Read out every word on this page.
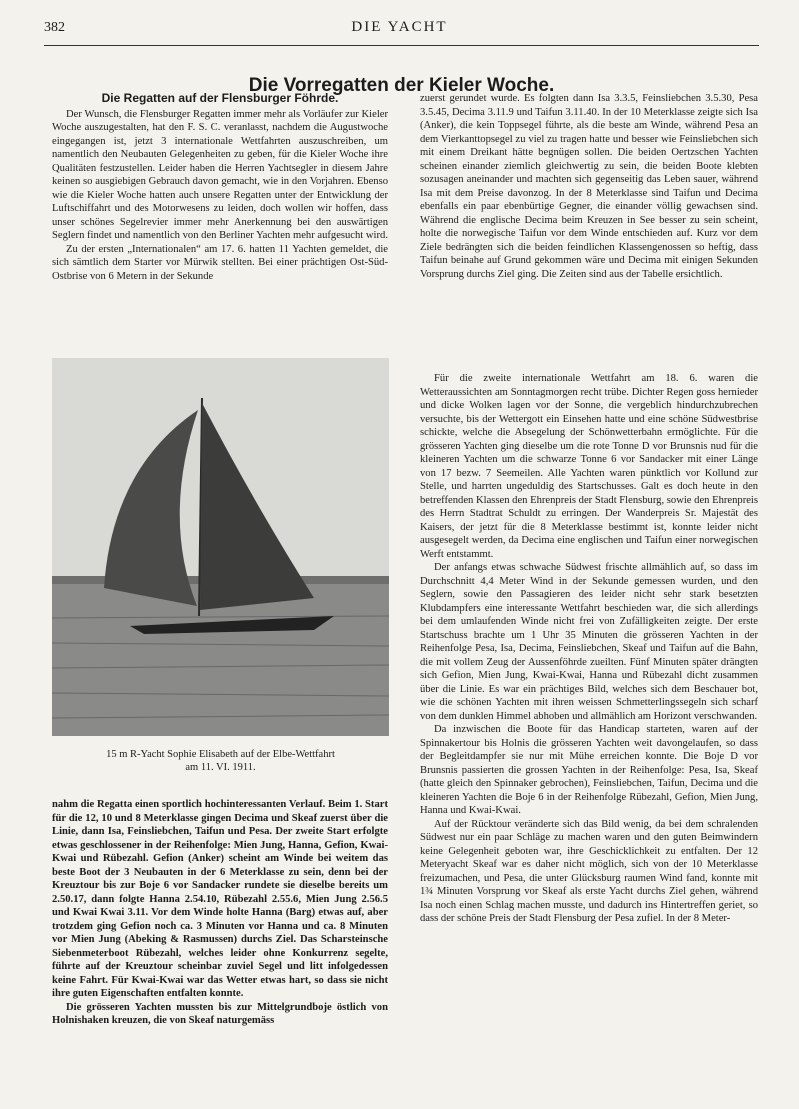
382	DIE YACHT
Die Vorregatten der Kieler Woche.
Die Regatten auf der Flensburger Föhrde.

Der Wunsch, die Flensburger Regatten immer mehr als Vorläufer zur Kieler Woche auszugestalten, hat den F. S. C. veranlasst, nachdem die Augustwoche eingegangen ist, jetzt 3 internationale Wettfahrten auszuschreiben, um namentlich den Neubauten Gelegenheiten zu geben, für die Kieler Woche ihre Qualitäten festzustellen. Leider haben die Herren Yachtsegler in diesem Jahre keinen so ausgiebigen Gebrauch davon gemacht, wie in den Vorjahren. Ebenso wie die Kieler Woche hatten auch unsere Regatten unter der Entwicklung der Luftschiffahrt und des Motorwesens zu leiden, doch wollen wir hoffen, dass unser schönes Segelrevier immer mehr Anerkennung bei den auswärtigen Seglern findet und namentlich von den Berliner Yachten mehr aufgesucht wird.

Zu der ersten „Internationalen“ am 17. 6. hatten 11 Yachten gemeldet, die sich sämtlich dem Starter vor Mürwik stellten. Bei einer prächtigen Ost-Süd-Ostbrise von 6 Metern in der Sekunde

zuerst gerundet wurde. Es folgten dann Isa 3.3.5, Feinsliebchen 3.5.30, Pesa 3.5.45, Decima 3.11.9 und Taifun 3.11.40. In der 10 Meterklasse zeigte sich Isa (Anker), die kein Toppsegel führte, als die beste am Winde, während Pesa an dem Vierkanttopsegel zu viel zu tragen hatte und besser wie Feinsliebchen sich mit einem Dreikant hätte begnügen sollen. Die beiden Oertzschen Yachten scheinen einander ziemlich gleichwertig zu sein, die beiden Boote klebten sozusagen aneinander und machten sich gegenseitig das Leben sauer, während Isa mit dem Preise davonzog. In der 8 Meterklasse sind Taifun und Decima ebenfalls ein paar ebenbürtige Gegner, die einander völlig gewachsen sind. Während die englische Decima beim Kreuzen in See besser zu sein scheint, holte die norwegische Taifun vor dem Winde entschieden auf. Kurz vor dem Ziele bedrängten sich die beiden feindlichen Klassengenossen so heftig, dass Taifun beinahe auf Grund gekommen wäre und Decima mit einigen Sekunden Vorsprung durchs Ziel ging. Die Zeiten sind aus der Tabelle ersichtlich.

15 m R-Yacht Sophie Elisabeth auf der Elbe-Wettfahrt
am 11. VI. 1911.

Für die zweite internationale Wettfahrt am 18. 6. waren die Wetteraussichten am Sonntagmorgen recht trübe. Dichter Regen goss hernieder und dicke Wolken lagen vor der Sonne, die vergeblich hindurchzubrechen versuchte, bis der Wettergott ein Einsehen hatte und eine schöne Südwestbrise schickte, welche die Absegelung der Schönwetterbahn ermöglichte. Für die grösseren Yachten ging dieselbe um die rote Tonne D vor Brunsnis nud für die kleineren Yachten um die schwarze Tonne 6 vor Sandacker mit einer Länge von 17 bezw. 7 Seemeilen. Alle Yachten waren pünktlich vor Kollund zur Stelle, und harrten ungeduldig des Startschusses. Galt es doch heute in den betreffenden Klassen den Ehrenpreis der Stadt Flensburg, sowie den Ehrenpreis des Herrn Stadtrat Schuldt zu erringen. Der Wanderpreis Sr. Majestät des Kaisers, der jetzt für die 8 Meterklasse bestimmt ist, konnte leider nicht ausgesegelt werden, da Decima eine englischen und Taifun einer norwegischen Werft entstammt.

Der anfangs etwas schwache Südwest frischte allmählich auf, so dass im Durchschnitt 4,4 Meter Wind in der Sekunde gemessen wurden, und den Seglern, sowie den Passagieren des leider nicht sehr stark besetzten Klubdampfers eine interessante Wettfahrt beschieden war, die sich allerdings bei dem umlaufenden Winde nicht frei von Zufälligkeiten zeigte. Der erste Startschuss brachte um 1 Uhr 35 Minuten die grösseren Yachten in der Reihenfolge Pesa, Isa, Decima, Feinsliebchen, Skeaf und Taifun auf die Bahn, die mit vollem Zeug der Aussenföhrde zueilten. Fünf Minuten später drängten sich Gefion, Mien Jung, Kwai-Kwai, Hanna und Rübezahl dicht zusammen über die Linie. Es war ein prächtiges Bild, welches sich dem Beschauer bot, wie die schönen Yachten mit ihren weissen Schmetterlingssegeln sich scharf von dem dunklen Himmel abhoben und allmählich am Horizont verschwanden.

Da inzwischen die Boote für das Handicap starteten, waren auf der Spinnakertour bis Holnis die grösseren Yachten weit davongelaufen, so dass der Begleitdampfer sie nur mit Mühe erreichen konnte. Die Boje D vor Brunsnis passierten die grossen Yachten in der Reihenfolge: Pesa, Isa, Skeaf (hatte gleich den Spinnaker gebrochen), Feinsliebchen, Taifun, Decima und die kleineren Yachten die Boje 6 in der Reihenfolge Rübezahl, Gefion, Mien Jung, Hanna und Kwai-Kwai.

Auf der Rücktour veränderte sich das Bild wenig, da bei dem schralenden Südwest nur ein paar Schläge zu machen waren und den guten Beimwindern keine Gelegenheit geboten war, ihre Geschicklichkeit zu entfalten. Der 12 Meteryacht Skeaf war es daher nicht möglich, sich von der 10 Meterklasse freizumachen, und Pesa, die unter Glücksburg raumen Wind fand, konnte mit 1¾ Minuten Vorsprung vor Skeaf als erste Yacht durchs Ziel gehen, während Isa noch einen Schlag machen musste, und dadurch ins Hintertreffen geriet, so dass der schöne Preis der Stadt Flensburg der Pesa zufiel. In der 8 Meter-

nahm die Regatta einen sportlich hochinteressanten Verlauf. Beim 1. Start für die 12, 10 und 8 Meterklasse gingen Decima und Skeaf zuerst über die Linie, dann Isa, Feinsliebchen, Taifun und Pesa. Der zweite Start erfolgte etwas geschlossener in der Reihenfolge: Mien Jung, Hanna, Gefion, Kwai-Kwai und Rübezahl. Gefion (Anker) scheint am Winde bei weitem das beste Boot der 3 Neubauten in der 6 Meterklasse zu sein, denn bei der Kreuztour bis zur Boje 6 vor Sandacker rundete sie dieselbe bereits um 2.50.17, dann folgte Hanna 2.54.10, Rübezahl 2.55.6, Mien Jung 2.56.5 und Kwai Kwai 3.11. Vor dem Winde holte Hanna (Barg) etwas auf, aber trotzdem ging Gefion noch ca. 3 Minuten vor Hanna und ca. 8 Minuten vor Mien Jung (Abeking & Rasmussen) durchs Ziel. Das Scharsteinsche Siebenmeterboot Rübezahl, welches leider ohne Konkurrenz segelte, führte auf der Kreuztour scheinbar zuviel Segel und litt infolgedessen keine Fahrt. Für Kwai-Kwai war das Wetter etwas hart, so dass sie nicht ihre guten Eigenschaften entfalten konnte.

Die grösseren Yachten mussten bis zur Mittelgrundboje östlich von Holnishaken kreuzen, die von Skeaf naturgemäss
